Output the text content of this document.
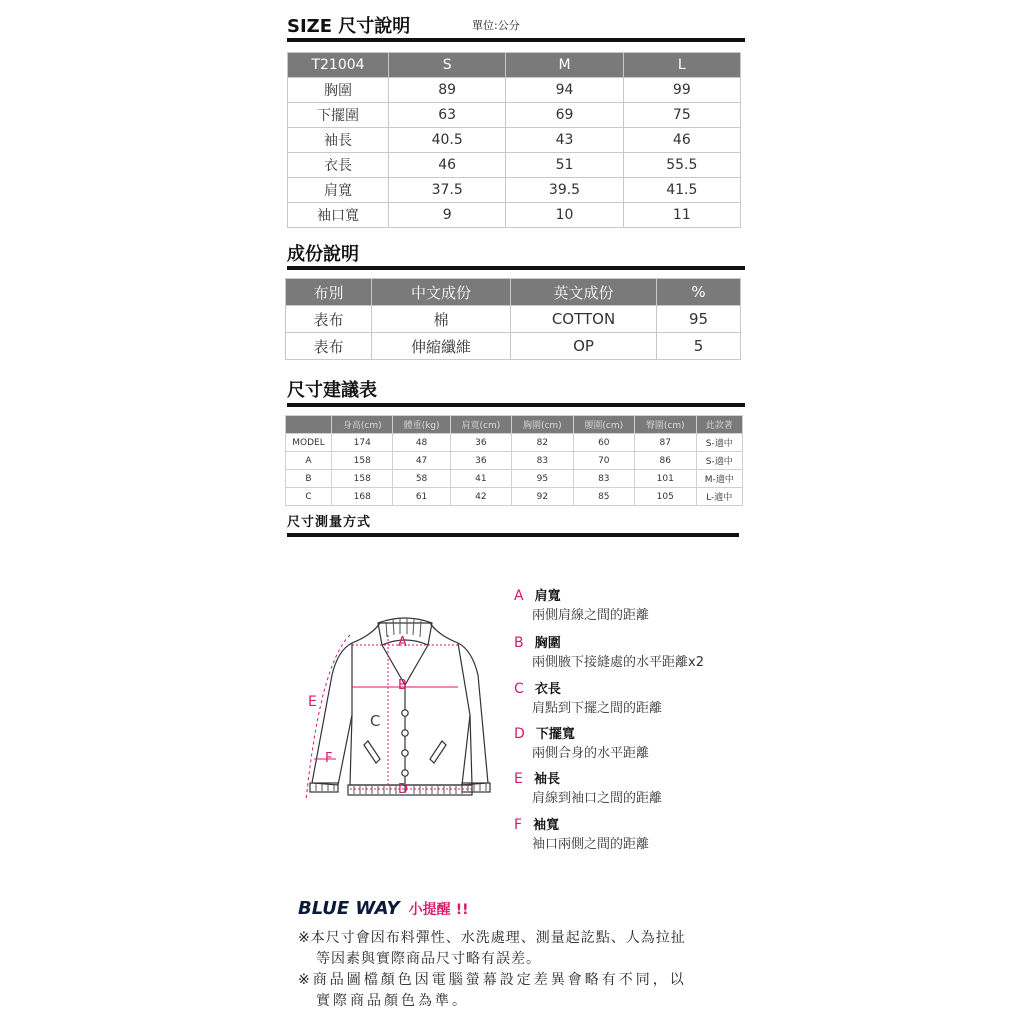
SIZE 尺寸說明	單位:公分
T21004	S	M	L
胸圍	89	94	99
下擺圍	63	69	75
袖長	40.5	43	46
衣長	46	51	55.5
肩寬	37.5	39.5	41.5
袖口寬	9	10	11
成份說明
布別	中文成份	英文成份	%
表布	棉	COTTON	95
表布	伸縮纖維	OP	5
尺寸建議表
	身高(cm)	體重(kg)	肩寬(cm)	胸圍(cm)	腰圍(cm)	臀圍(cm)	此款著
MODEL	174	48	36	82	60	87	S-適中
A	158	47	36	83	70	86	S-適中
B	158	58	41	95	83	101	M-適中
C	168	61	42	92	85	105	L-適中
尺寸測量方式
A
B
C
D
E
F
A 肩寬
兩側肩線之間的距離
B 胸圍
兩側腋下接縫處的水平距離x2
C 衣長
肩點到下擺之間的距離
D 下擺寬
兩側合身的水平距離
E 袖長
肩線到袖口之間的距離
F 袖寬
袖口兩側之間的距離
BLUE WAY 小提醒 !!
※本尺寸會因布料彈性、水洗處理、測量起訖點、人為拉扯
等因素與實際商品尺寸略有誤差。
※商品圖檔顏色因電腦螢幕設定差異會略有不同，以
實際商品顏色為準。
